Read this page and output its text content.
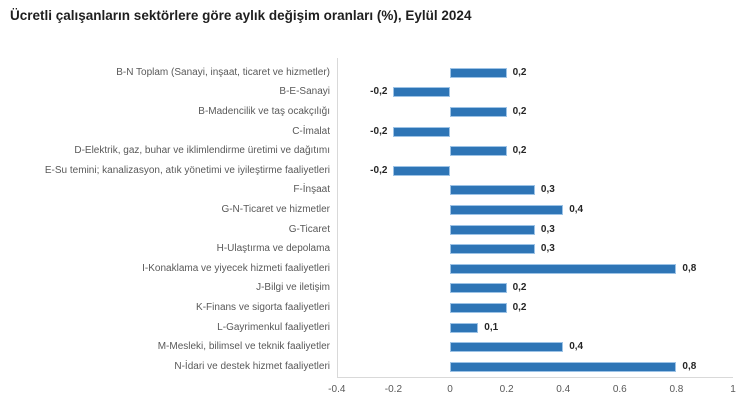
Ücretli çalışanların sektörlere göre aylık değişim oranları (%), Eylül 2024
B-N Toplam (Sanayi, inşaat, ticaret ve hizmetler)	0,2
B-E-Sanayi	-0,2
B-Madencilik ve taş ocakçılığı	0,2
C-İmalat	-0,2
D-Elektrik, gaz, buhar ve iklimlendirme üretimi ve dağıtımı	0,2
E-Su temini; kanalizasyon, atık yönetimi ve iyileştirme faaliyetleri	-0,2
F-İnşaat	0,3
G-N-Ticaret ve hizmetler	0,4
G-Ticaret	0,3
H-Ulaştırma ve depolama	0,3
I-Konaklama ve yiyecek hizmeti faaliyetleri	0,8
J-Bilgi ve iletişim	0,2
K-Finans ve sigorta faaliyetleri	0,2
L-Gayrimenkul faaliyetleri	0,1
M-Mesleki, bilimsel ve teknik faaliyetler	0,4
N-İdari ve destek hizmet faaliyetleri	0,8
-0.4	-0.2	0	0.2	0.4	0.6	0.8	1
